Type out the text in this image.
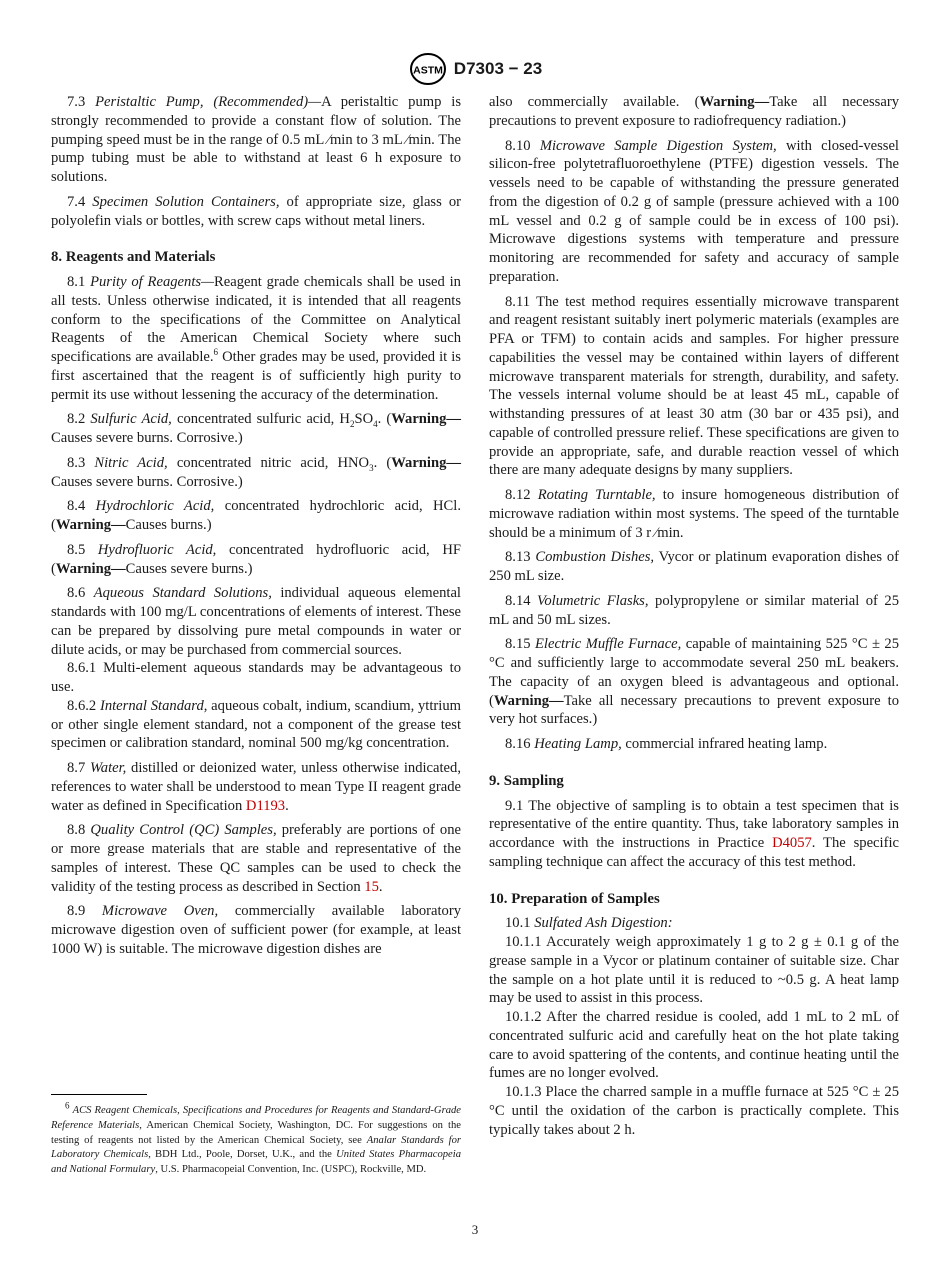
ASTM D7303 − 23

7.3 Peristaltic Pump, (Recommended)—A peristaltic pump is strongly recommended to provide a constant flow of solution. The pumping speed must be in the range of 0.5 mL ⁄min to 3 mL ⁄min. The pump tubing must be able to withstand at least 6 h exposure to solutions.

7.4 Specimen Solution Containers, of appropriate size, glass or polyolefin vials or bottles, with screw caps without metal liners.

8. Reagents and Materials

8.1 Purity of Reagents—Reagent grade chemicals shall be used in all tests. Unless otherwise indicated, it is intended that all reagents conform to the specifications of the Committee on Analytical Reagents of the American Chemical Society where such specifications are available.$^6$ Other grades may be used, provided it is first ascertained that the reagent is of sufficiently high purity to permit its use without lessening the accuracy of the determination.

8.2 Sulfuric Acid, concentrated sulfuric acid, $H_2SO_4$. (Warning—Causes severe burns. Corrosive.)

8.3 Nitric Acid, concentrated nitric acid, $HNO_3$. (Warning—Causes severe burns. Corrosive.)

8.4 Hydrochloric Acid, concentrated hydrochloric acid, HCl. (Warning—Causes burns.)

8.5 Hydrofluoric Acid, concentrated hydrofluoric acid, HF (Warning—Causes severe burns.)

8.6 Aqueous Standard Solutions, individual aqueous elemental standards with 100 mg/L concentrations of elements of interest. These can be prepared by dissolving pure metal compounds in water or dilute acids, or may be purchased from commercial sources.

8.6.1 Multi-element aqueous standards may be advantageous to use.

8.6.2 Internal Standard, aqueous cobalt, indium, scandium, yttrium or other single element standard, not a component of the grease test specimen or calibration standard, nominal 500 mg/kg concentration.

8.7 Water, distilled or deionized water, unless otherwise indicated, references to water shall be understood to mean Type II reagent grade water as defined in Specification D1193.

8.8 Quality Control (QC) Samples, preferably are portions of one or more grease materials that are stable and representative of the samples of interest. These QC samples can be used to check the validity of the testing process as described in Section 15.

8.9 Microwave Oven, commercially available laboratory microwave digestion oven of sufficient power (for example, at least 1000 W) is suitable. The microwave digestion dishes are

also commercially available. (Warning—Take all necessary precautions to prevent exposure to radiofrequency radiation.)

8.10 Microwave Sample Digestion System, with closed-vessel silicon-free polytetrafluoroethylene (PTFE) digestion vessels. The vessels need to be capable of withstanding the pressure generated from the digestion of 0.2 g of sample (pressure achieved with a 100 mL vessel and 0.2 g of sample could be in excess of 100 psi). Microwave digestions systems with temperature and pressure monitoring are recommended for safety and accuracy of sample preparation.

8.11 The test method requires essentially microwave transparent and reagent resistant suitably inert polymeric materials (examples are PFA or TFM) to contain acids and samples. For higher pressure capabilities the vessel may be contained within layers of different microwave transparent materials for strength, durability, and safety. The vessels internal volume should be at least 45 mL, capable of withstanding pressures of at least 30 atm (30 bar or 435 psi), and capable of controlled pressure relief. These specifications are given to provide an appropriate, safe, and durable reaction vessel of which there are many adequate designs by many suppliers.

8.12 Rotating Turntable, to insure homogeneous distribution of microwave radiation within most systems. The speed of the turntable should be a minimum of 3 r ⁄min.

8.13 Combustion Dishes, Vycor or platinum evaporation dishes of 250 mL size.

8.14 Volumetric Flasks, polypropylene or similar material of 25 mL and 50 mL sizes.

8.15 Electric Muffle Furnace, capable of maintaining 525 °C ± 25 °C and sufficiently large to accommodate several 250 mL beakers. The capacity of an oxygen bleed is advantageous and optional. (Warning—Take all necessary precautions to prevent exposure to very hot surfaces.)

8.16 Heating Lamp, commercial infrared heating lamp.

9. Sampling

9.1 The objective of sampling is to obtain a test specimen that is representative of the entire quantity. Thus, take laboratory samples in accordance with the instructions in Practice D4057. The specific sampling technique can affect the accuracy of this test method.

10. Preparation of Samples

10.1 Sulfated Ash Digestion:

10.1.1 Accurately weigh approximately 1 g to 2 g ± 0.1 g of the grease sample in a Vycor or platinum container of suitable size. Char the sample on a hot plate until it is reduced to ~0.5 g. A heat lamp may be used to assist in this process.

10.1.2 After the charred residue is cooled, add 1 mL to 2 mL of concentrated sulfuric acid and carefully heat on the hot plate taking care to avoid spattering of the contents, and continue heating until the fumes are no longer evolved.

10.1.3 Place the charred sample in a muffle furnace at 525 °C ± 25 °C until the oxidation of the carbon is practically complete. This typically takes about 2 h.

$^6$ ACS Reagent Chemicals, Specifications and Procedures for Reagents and Standard-Grade Reference Materials, American Chemical Society, Washington, DC. For suggestions on the testing of reagents not listed by the American Chemical Society, see Analar Standards for Laboratory Chemicals, BDH Ltd., Poole, Dorset, U.K., and the United States Pharmacopeia and National Formulary, U.S. Pharmacopeial Convention, Inc. (USPC), Rockville, MD.
3
